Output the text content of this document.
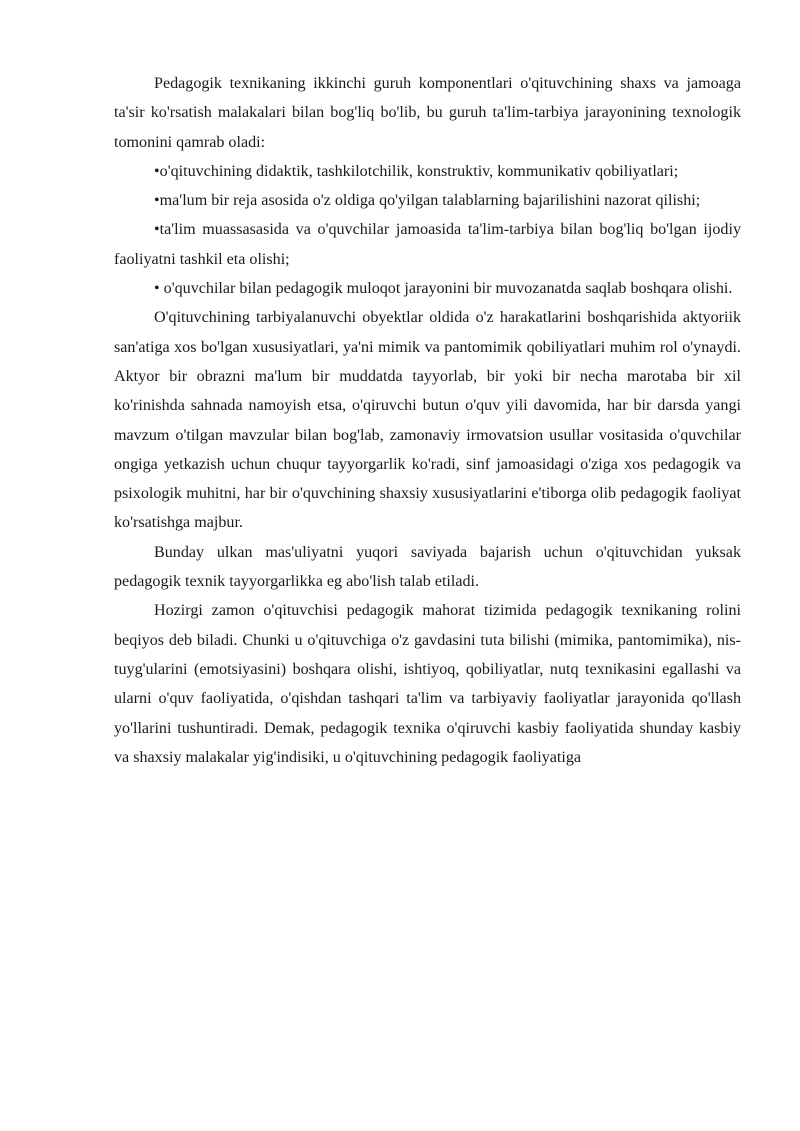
Pedagogik texnikaning ikkinchi guruh komponentlari o'qituvchining shaxs va jamoaga ta'sir ko'rsatish malakalari bilan bog'liq bo'lib, bu guruh ta'lim-tarbiya jarayonining texnologik tomonini qamrab oladi:

•o'qituvchining didaktik, tashkilotchilik, konstruktiv, kommunikativ qobiliyatlari;

•ma'lum bir reja asosida o'z oldiga qo'yilgan talablarning bajarilishini nazorat qilishi;

•ta'lim muassasasida va o'quvchilar jamoasida ta'lim-tarbiya bilan bog'liq bo'lgan ijodiy faoliyatni tashkil eta olishi;

• o'quvchilar bilan pedagogik muloqot jarayonini bir muvozanatda saqlab boshqara olishi.

O'qituvchining tarbiyalanuvchi obyektlar oldida o'z harakatlarini boshqarishida aktyoriik san'atiga xos bo'lgan xususiyatlari, ya'ni mimik va pantomimik qobiliyatlari muhim rol o'ynaydi. Aktyor bir obrazni ma'lum bir muddatda tayyorlab, bir yoki bir necha marotaba bir xil ko'rinishda sahnada namoyish etsa, o'qiruvchi butun o'quv yili davomida, har bir darsda yangi mavzum o'tilgan mavzular bilan bog'lab, zamonaviy irmovatsion usullar vositasida o'quvchilar ongiga yetkazish uchun chuqur tayyorgarlik ko'radi, sinf jamoasidagi o'ziga xos pedagogik va psixologik muhitni, har bir o'quvchining shaxsiy xususiyatlarini e'tiborga olib pedagogik faoliyat ko'rsatishga majbur.

Bunday ulkan mas'uliyatni yuqori saviyada bajarish uchun o'qituvchidan yuksak pedagogik texnik tayyorgarlikka eg abo'lish talab etiladi.

Hozirgi zamon o'qituvchisi pedagogik mahorat tizimida pedagogik texnikaning rolini beqiyos deb biladi. Chunki u o'qituvchiga o'z gavdasini tuta bilishi (mimika, pantomimika), nis-tuyg'ularini (emotsiyasini) boshqara olishi, ishtiyoq, qobiliyatlar, nutq texnikasini egallashi va ularni o'quv faoliyatida, o'qishdan tashqari ta'lim va tarbiyaviy faoliyatlar jarayonida qo'llash yo'llarini tushuntiradi. Demak, pedagogik texnika o'qiruvchi kasbiy faoliyatida shunday kasbiy va shaxsiy malakalar yig'indisiki, u o'qituvchining pedagogik faoliyatiga
